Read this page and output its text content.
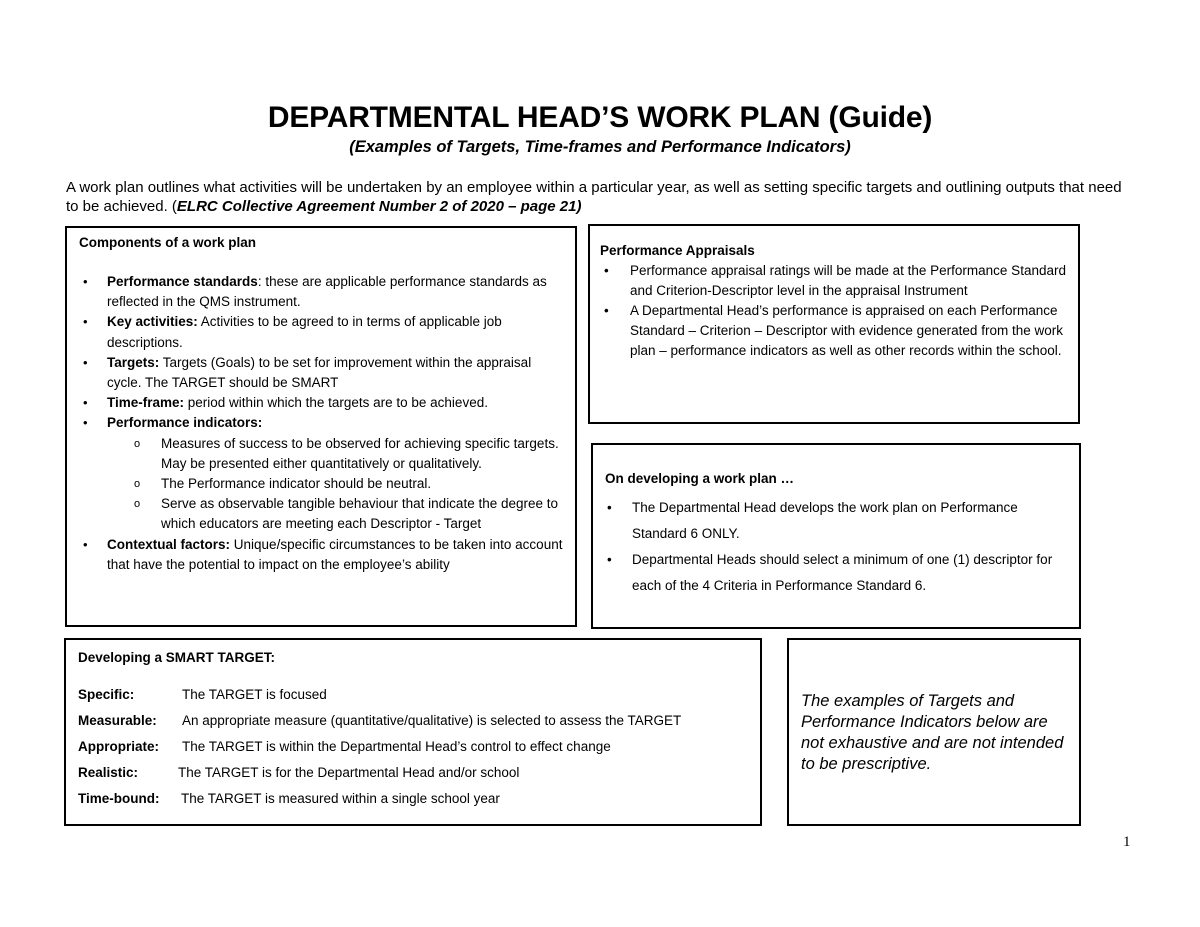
DEPARTMENTAL HEAD’S WORK PLAN (Guide)
(Examples of Targets, Time-frames and Performance Indicators)

A work plan outlines what activities will be undertaken by an employee within a particular year, as well as setting specific targets and outlining outputs that need to be achieved. (ELRC Collective Agreement Number 2 of 2020 – page 21)

Components of a work plan
• Performance standards: these are applicable performance standards as reflected in the QMS instrument.
• Key activities: Activities to be agreed to in terms of applicable job descriptions.
• Targets: Targets (Goals) to be set for improvement within the appraisal cycle. The TARGET should be SMART
• Time-frame: period within which the targets are to be achieved.
• Performance indicators:
o Measures of success to be observed for achieving specific targets. May be presented either quantitatively or qualitatively.
o The Performance indicator should be neutral.
o Serve as observable tangible behaviour that indicate the degree to which educators are meeting each Descriptor - Target
• Contextual factors: Unique/specific circumstances to be taken into account that have the potential to impact on the employee’s ability
Performance Appraisals
• Performance appraisal ratings will be made at the Performance Standard and Criterion-Descriptor level in the appraisal Instrument
• A Departmental Head’s performance is appraised on each Performance Standard – Criterion – Descriptor with evidence generated from the work plan – performance indicators as well as other records within the school.
On developing a work plan …
• The Departmental Head develops the work plan on Performance Standard 6 ONLY.
• Departmental Heads should select a minimum of one (1) descriptor for each of the 4 Criteria in Performance Standard 6.
Developing a SMART TARGET:
Specific:	The TARGET is focused
Measurable: An appropriate measure (quantitative/qualitative) is selected to assess the TARGET
Appropriate: The TARGET is within the Departmental Head’s control to effect change
Realistic:	The TARGET is for the Departmental Head and/or school
Time-bound: The TARGET is measured within a single school year
The examples of Targets and Performance Indicators below are not exhaustive and are not intended to be prescriptive.
1
